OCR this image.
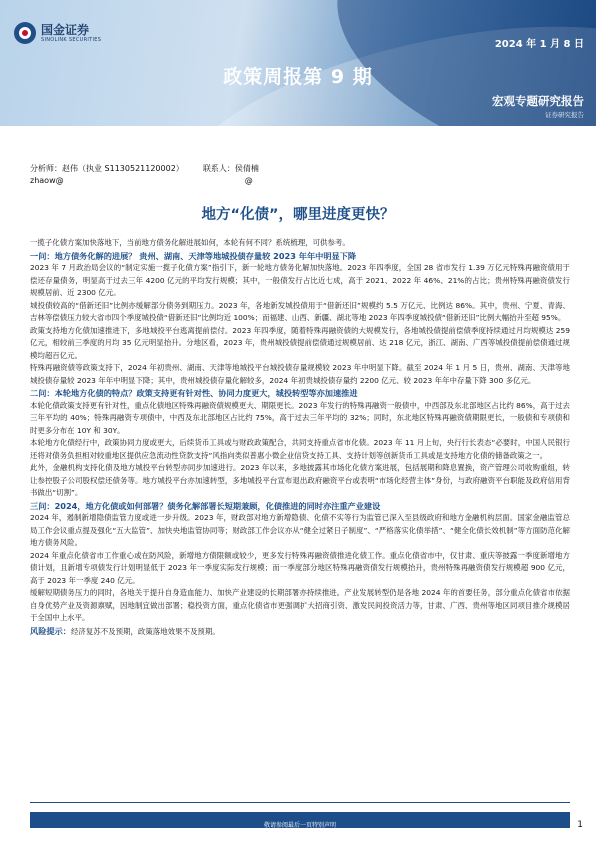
国金证券
SINOLINK SECURITIES	2024 年 1 月 8 日
政策周报第 9 期
宏观专题研究报告
证券研究报告
分析师：赵伟（执业 S1130521120002） 联系人：侯倩楠
zhaow@	@
地方“化债”，哪里进度更快？

一揽子化债方案加快落地下，当前地方债务化解进展如何，本轮有何不同？系统梳理，可供参考。

一问：地方债务化解的进展？ 贵州、湖南、天津等地城投债存量较 2023 年年中明显下降

2023 年 7 月政治局会议的“制定实施一揽子化债方案”指引下，新一轮地方债务化解加快落地。2023 年四季度，全国 28 省市发行 1.39 万亿元特殊再融资债用于偿还存量债务，明显高于过去三年 4200 亿元的平均发行规模；其中，一般债发行占比近七成，高于 2021、2022 年 46%、21%的占比；贵州特殊再融资债发行规模居前、近 2300 亿元。

城投债较高的“借新还旧”比例亦缓解部分债务到期压力。2023 年，各地新发城投债用于“借新还旧”规模约 5.5 万亿元、比例达 86%。其中，贵州、宁夏、青海、吉林等偿债压力较大省市四个季度城投债“借新还旧”比例均近 100%；而福建、山西、新疆、湖北等地 2023 年四季度城投债“借新还旧”比例大幅抬升至超 95%。

政策支持地方化债加速推进下，多地城投平台逃离提前偿付。2023 年四季度，随着特殊再融资债的大规模发行，各地城投债提前偿债季度持续通过月均规模达 259 亿元，相较前三季度的月均 35 亿元明显抬升。分地区看，2023 年，贵州城投债提前偿债通过规模居前、达 218 亿元，浙江、湖南、广西等城投债提前偿债通过规模均超百亿元。

特殊再融资债等政策支持下，2024 年初贵州、湖南、天津等地城投平台城投债存量规模较 2023 年中明显下降。截至 2024 年 1 月 5 日，贵州、湖南、天津等地城投债存量较 2023 年年中明显下降；其中，贵州城投债存量化解较多，2024 年初贵城投债存量约 2200 亿元、较 2023 年年中存量下降 300 多亿元。

二问：本轮地方化债的特点？政策支持更有针对性、协同力度更大，城投转型等亦加速推进

本轮化债政策支持更有针对性，重点化债地区特殊再融资债规模更大、期限更长。2023 年发行的特殊再融资一般债中，中西部及东北部地区占比约 86%，高于过去三年平均的 40%；特殊再融资专项债中，中西及东北部地区占比约 75%，高于过去三年平均的 32%；同时，东北地区特殊再融资债期限更长，一般债和专项债和时更多分布在 10Y 和 30Y。

本轮地方化债经行中，政策协同力度或更大，后续货币工具或与财政政策配合，共同支持重点省市化债。2023 年 11 月上旬，央行行长表态“必要时，中国人民银行还将对债务负担相对较重地区提供应急流动性贷款支持”风指向类似普惠小微企业信贷支持工具、支持计划等创新货币工具或是支持地方化债的储备政策之一。

此外，金融机构支持化债及地方城投平台转型亦同步加速进行。2023 年以来，多地披露其市场化化债方案进展，包括展期和降息置换，资产管理公司收购重组，转让参控股子公司股权偿还债务等。地方城投平台亦加速转型，多地城投平台宣布退出政府融资平台或表明“市场化经营主体”身份，与政府融资平台职能及政府信用背书做出“切割”。

三问：2024，地方化债或如何部署？债务化解部署长短期兼顾，化债推进的同时亦注重产业建设

2024 年，遏制新增隐债监管力度或进一步升级。2023 年，财政部对地方新增隐债、化债不实等行为监管已深入至县级政府和地方金融机构层面。国家金融监管总局工作会议重点提及强化“五大监管”、加快央地监管协同等；财政部工作会议亦从“健全过紧日子制度”、“严格落实化债举措”、“健全化债长效机制”等方面防范化解地方债务风险。

2024 年重点化债省市工作重心或在防风险，新增地方债限额或较少，更多发行特殊再融资债推进化债工作。重点化债省市中，仅甘肃、重庆等披露一季度新增地方债计划，且新增专项债发行计划明显低于 2023 年一季度实际发行规模；而一季度部分地区特殊再融资债发行规模抬升，贵州特殊再融资债发行规模超 900 亿元，高于 2023 年一季度 240 亿元。

缓解短期债务压力的同时，各地关于提升自身造血能力、加快产业建设的长期部署亦持续推进。产业发展转型仍是各地 2024 年的首要任务，部分重点化债省市依据自身优势产业及资源禀赋，因地制宜做出部署；稳投资方面，重点化债省市更强调扩大招商引资、激发民间投资活力等，甘肃、广西、贵州等地区同项目推介规模居于全国中上水平。

风险提示：经济复苏不及预期，政策落地效果不及预期。

敬请参阅最后一页特别声明	1
